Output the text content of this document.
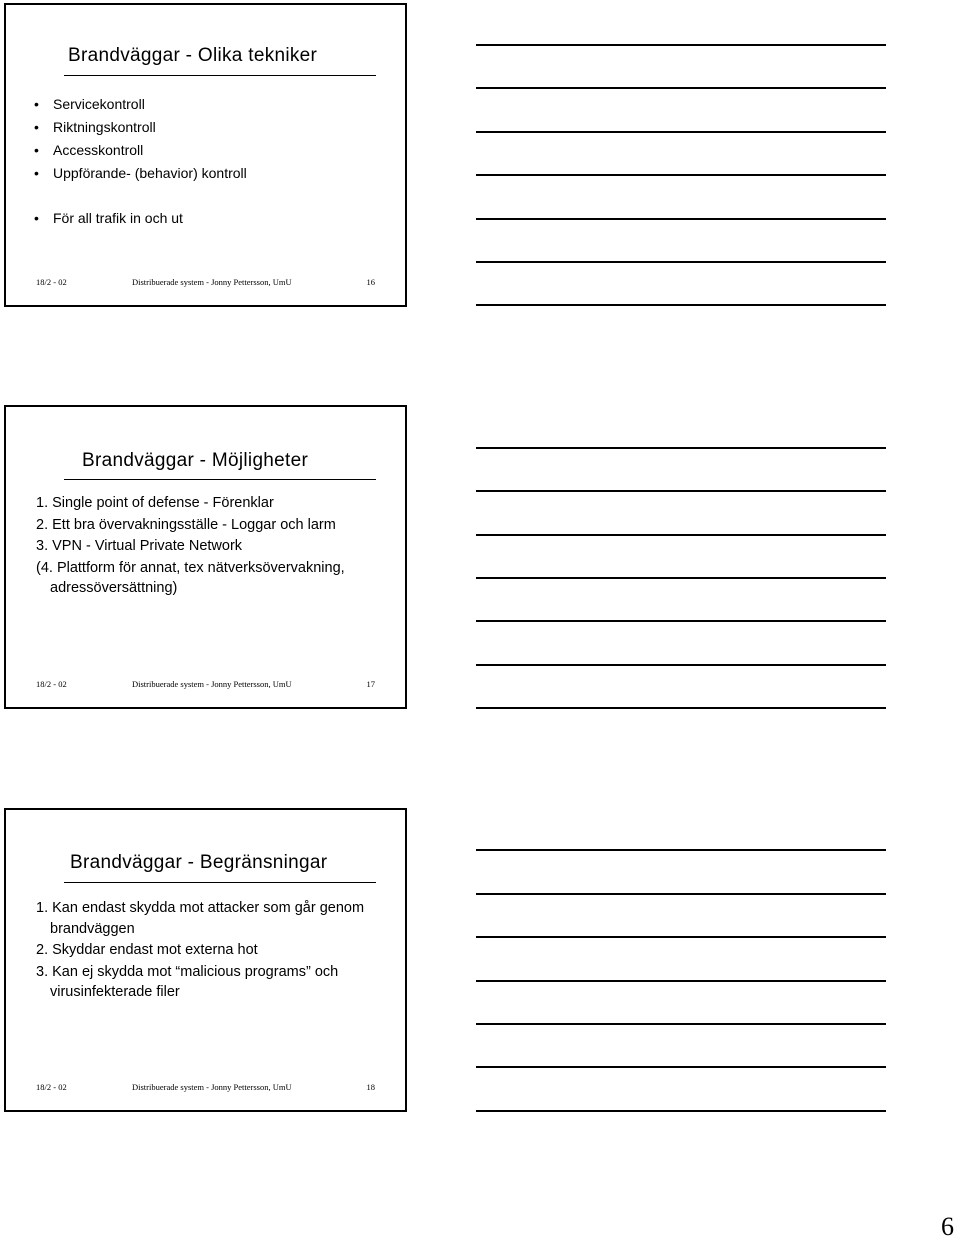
Brandväggar - Olika tekniker
• Servicekontroll
• Riktningskontroll
• Accesskontroll
• Uppförande- (behavior) kontroll
• För all trafik in och ut
18/2 - 02	Distribuerade system - Jonny Pettersson, UmU	16
Brandväggar - Möjligheter
1. Single point of defense - Förenklar
2. Ett bra övervakningsställe - Loggar och larm
3. VPN - Virtual Private Network
(4. Plattform för annat, tex nätverksövervakning, adressöversättning)
18/2 - 02	Distribuerade system - Jonny Pettersson, UmU	17
Brandväggar - Begränsningar
1. Kan endast skydda mot attacker som går genom brandväggen
2. Skyddar endast mot externa hot
3. Kan ej skydda mot “malicious programs” och virusinfekterade filer
18/2 - 02	Distribuerade system - Jonny Pettersson, UmU	18
6
